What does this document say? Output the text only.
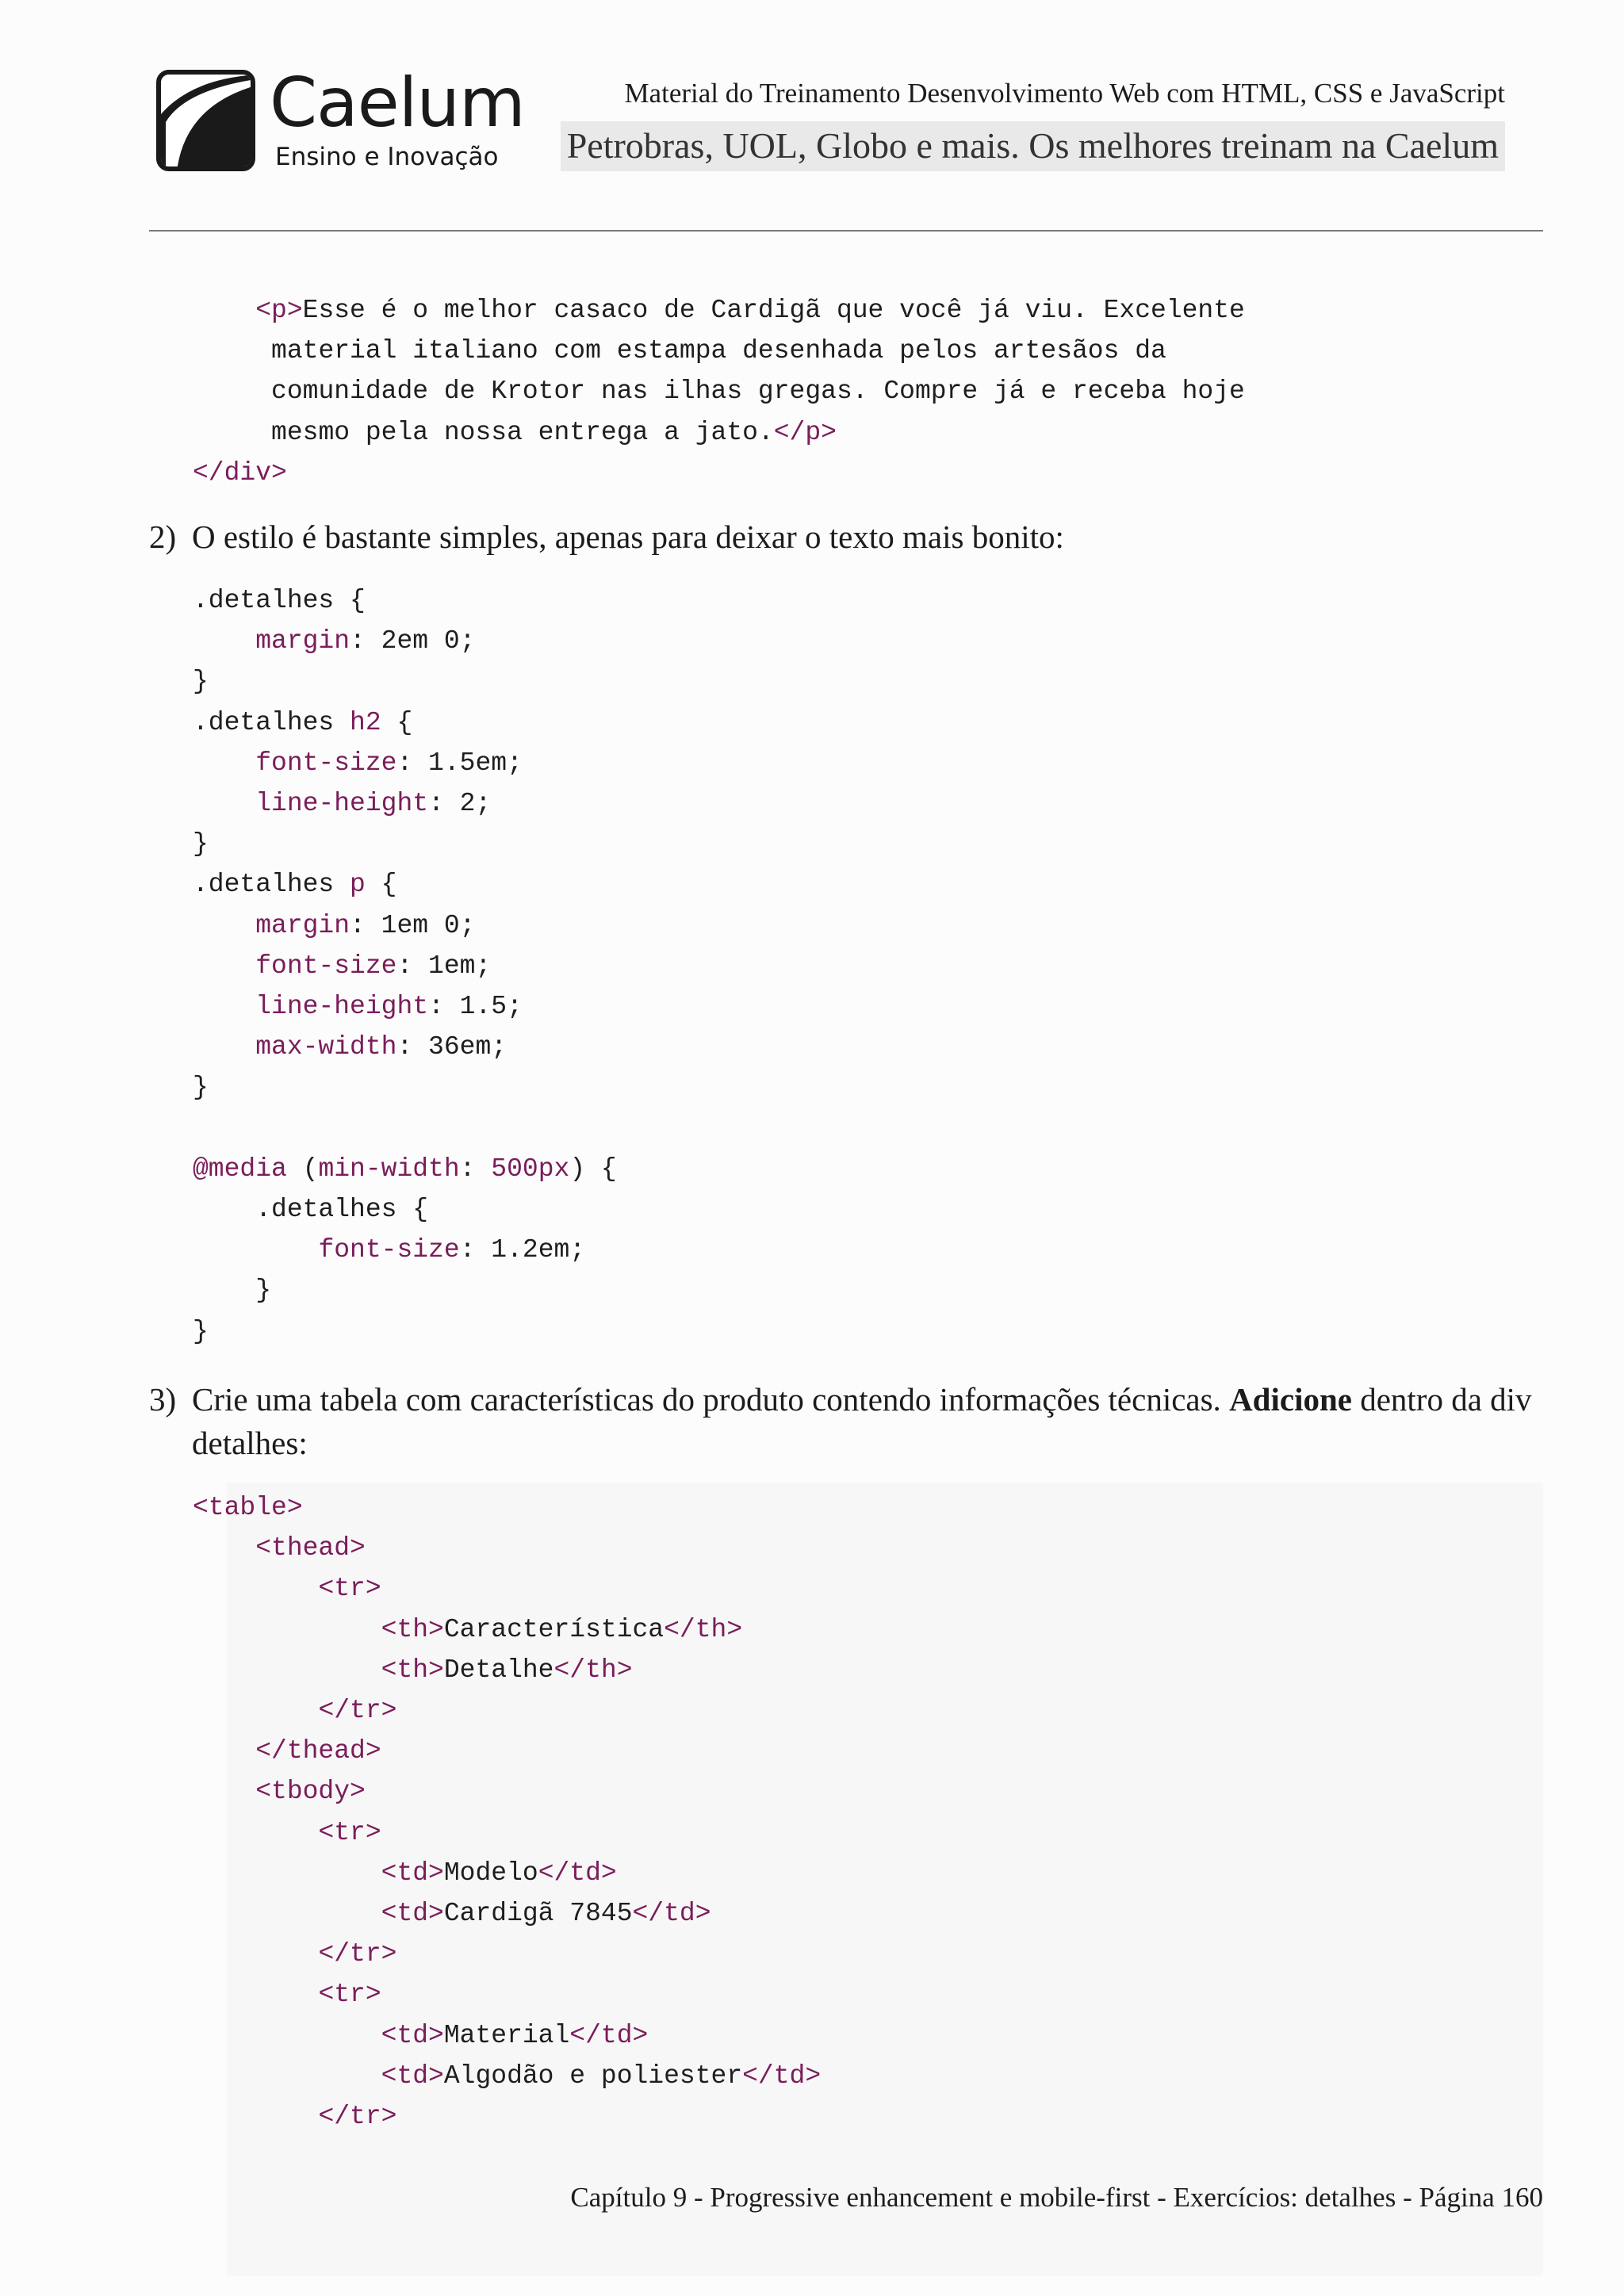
* Caelum
Ensino e Inovação
Material do Treinamento Desenvolvimento Web com HTML, CSS e JavaScript
Petrobras, UOL, Globo e mais. Os melhores treinam na Caelum
<p>Esse é o melhor casaco de Cardigã que você já viu. Excelente
material italiano com estampa desenhada pelos artesãos da
comunidade de Krotor nas ilhas gregas. Compre já e receba hoje
mesmo pela nossa entrega a jato.</p>
</div>
2) O estilo é bastante simples, apenas para deixar o texto mais bonito:
.detalhes {
margin: 2em 0;
}
.detalhes h2 {
font-size: 1.5em;
line-height: 2;
}
.detalhes p {
margin: 1em 0;
font-size: 1em;
line-height: 1.5;
max-width: 36em;
}

@media (min-width: 500px) {
.detalhes {
font-size: 1.2em;
}
}
3) Crie uma tabela com características do produto contendo informações técnicas. Adicione dentro da div detalhes:
<table>
<thead>
<tr>
<th>Característica</th>
<th>Detalhe</th>
</tr>
</thead>
<tbody>
<tr>
<td>Modelo</td>
<td>Cardigã 7845</td>
</tr>
<tr>
<td>Material</td>
<td>Algodão e poliester</td>
</tr>
Capítulo 9 - Progressive enhancement e mobile-first - Exercícios: detalhes - Página 160
